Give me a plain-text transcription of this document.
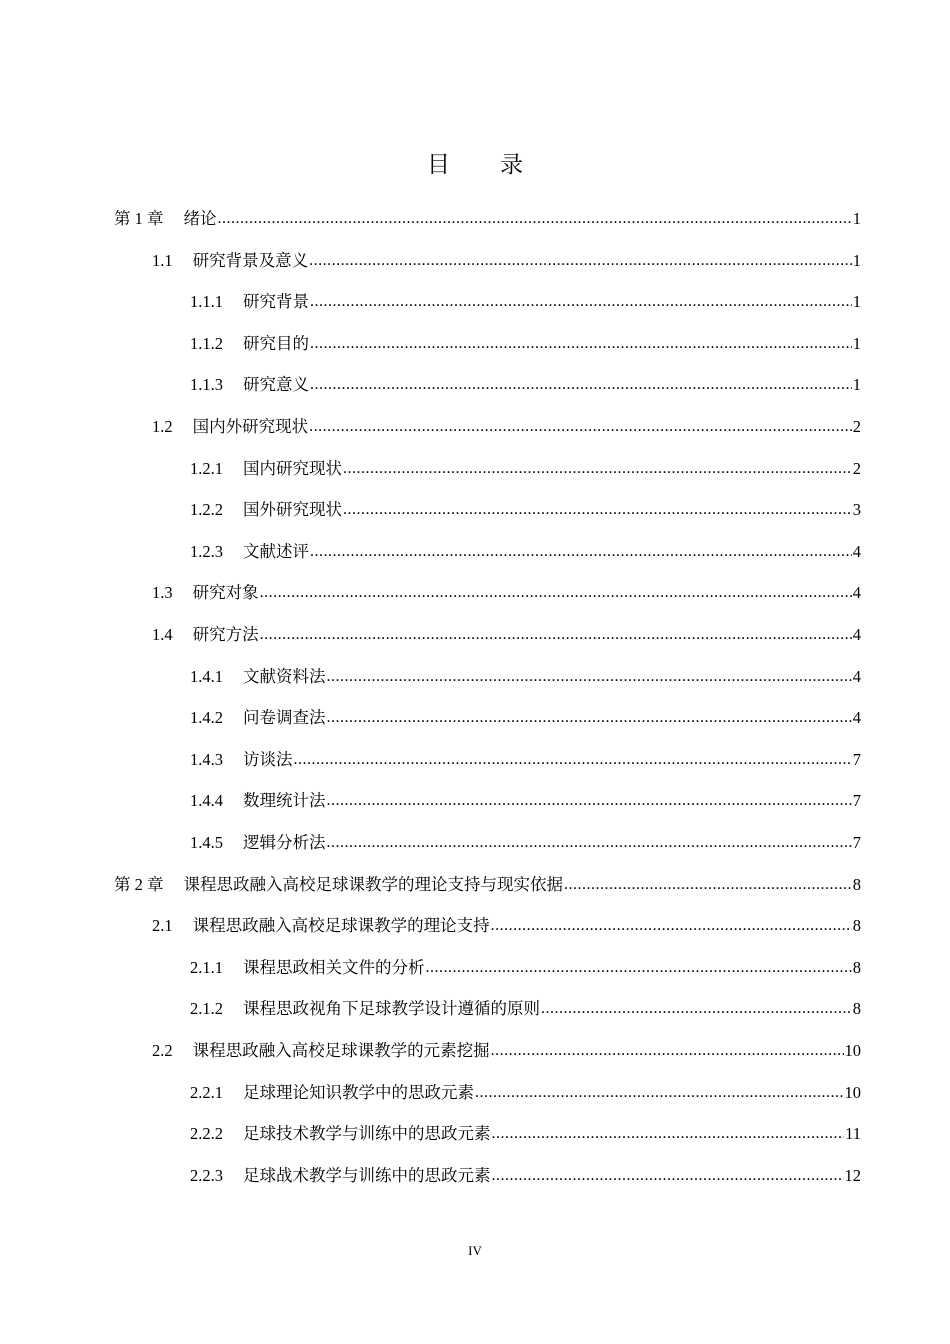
目 录
第 1 章 绪论 .....	1
1.1 研究背景及意义 .....	1
1.1.1 研究背景 .....	1
1.1.2 研究目的 .....	1
1.1.3 研究意义 .....	1
1.2 国内外研究现状 .....	2
1.2.1 国内研究现状 .....	2
1.2.2 国外研究现状 .....	3
1.2.3 文献述评 .....	4
1.3 研究对象 .....	4
1.4 研究方法 .....	4
1.4.1 文献资料法 .....	4
1.4.2 问卷调查法 .....	4
1.4.3 访谈法 .....	7
1.4.4 数理统计法 .....	7
1.4.5 逻辑分析法 .....	7
第 2 章 课程思政融入高校足球课教学的理论支持与现实依据 .....	8
2.1 课程思政融入高校足球课教学的理论支持 .....	8
2.1.1 课程思政相关文件的分析 .....	8
2.1.2 课程思政视角下足球教学设计遵循的原则 .....	8
2.2 课程思政融入高校足球课教学的元素挖掘 .....	10
2.2.1 足球理论知识教学中的思政元素 .....	10
2.2.2 足球技术教学与训练中的思政元素 .....	11
2.2.3 足球战术教学与训练中的思政元素 .....	12
IV
